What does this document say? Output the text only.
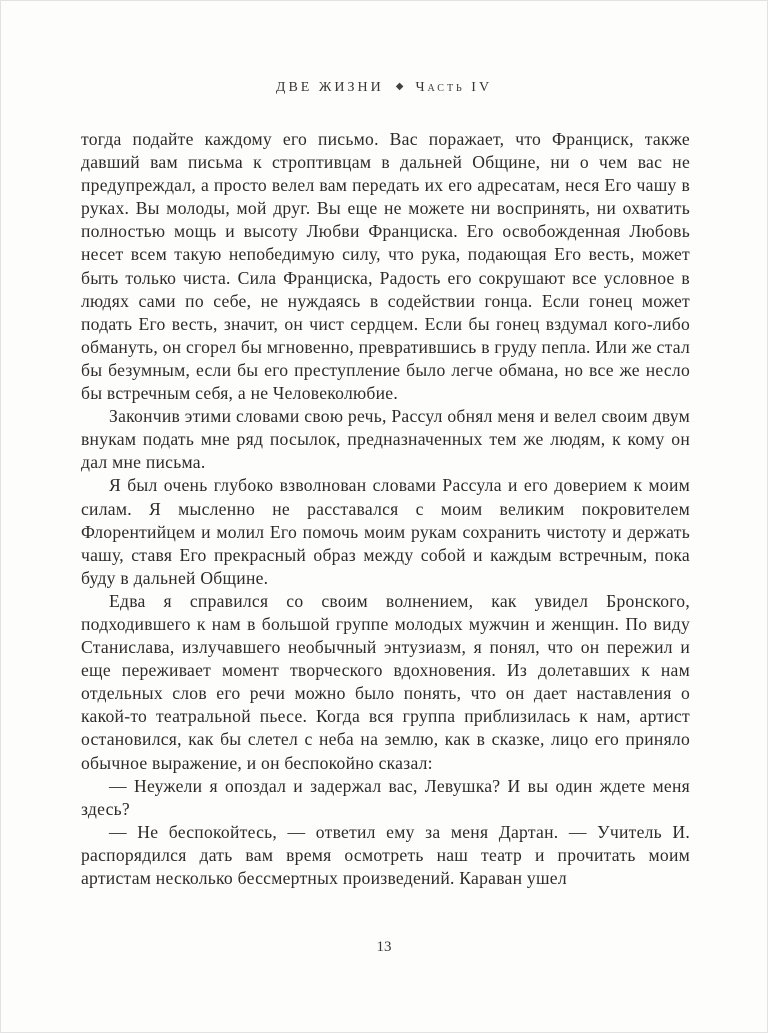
ДВЕ ЖИЗНИ ◆ Часть IV

тогда подайте каждому его письмо. Вас поражает, что Франциск, также давший вам письма к строптивцам в дальней Общине, ни о чем вас не предупреждал, а просто велел вам передать их его адресатам, неся Его чашу в руках. Вы молоды, мой друг. Вы еще не можете ни воспринять, ни охватить полностью мощь и высоту Любви Франциска. Его освобожденная Любовь несет всем такую непобедимую силу, что рука, подающая Его весть, может быть только чиста. Сила Франциска, Радость его сокрушают все условное в людях сами по себе, не нуждаясь в содействии гонца. Если гонец может подать Его весть, значит, он чист сердцем. Если бы гонец вздумал кого-либо обмануть, он сгорел бы мгновенно, превратившись в груду пепла. Или же стал бы безумным, если бы его преступление было легче обмана, но все же несло бы встречным себя, а не Человеколюбие.

Закончив этими словами свою речь, Рассул обнял меня и велел своим двум внукам подать мне ряд посылок, предназначенных тем же людям, к кому он дал мне письма.

Я был очень глубоко взволнован словами Рассула и его доверием к моим силам. Я мысленно не расставался с моим великим покровителем Флорентийцем и молил Его помочь моим рукам сохранить чистоту и держать чашу, ставя Его прекрасный образ между собой и каждым встречным, пока буду в дальней Общине.

Едва я справился со своим волнением, как увидел Бронского, подходившего к нам в большой группе молодых мужчин и женщин. По виду Станислава, излучавшего необычный энтузиазм, я понял, что он пережил и еще переживает момент творческого вдохновения. Из долетавших к нам отдельных слов его речи можно было понять, что он дает наставления о какой-то театральной пьесе. Когда вся группа приблизилась к нам, артист остановился, как бы слетел с неба на землю, как в сказке, лицо его приняло обычное выражение, и он беспокойно сказал:

— Неужели я опоздал и задержал вас, Левушка? И вы один ждете меня здесь?

— Не беспокойтесь, — ответил ему за меня Дартан. — Учитель И. распорядился дать вам время осмотреть наш театр и прочитать моим артистам несколько бессмертных произведений. Караван ушел

13
